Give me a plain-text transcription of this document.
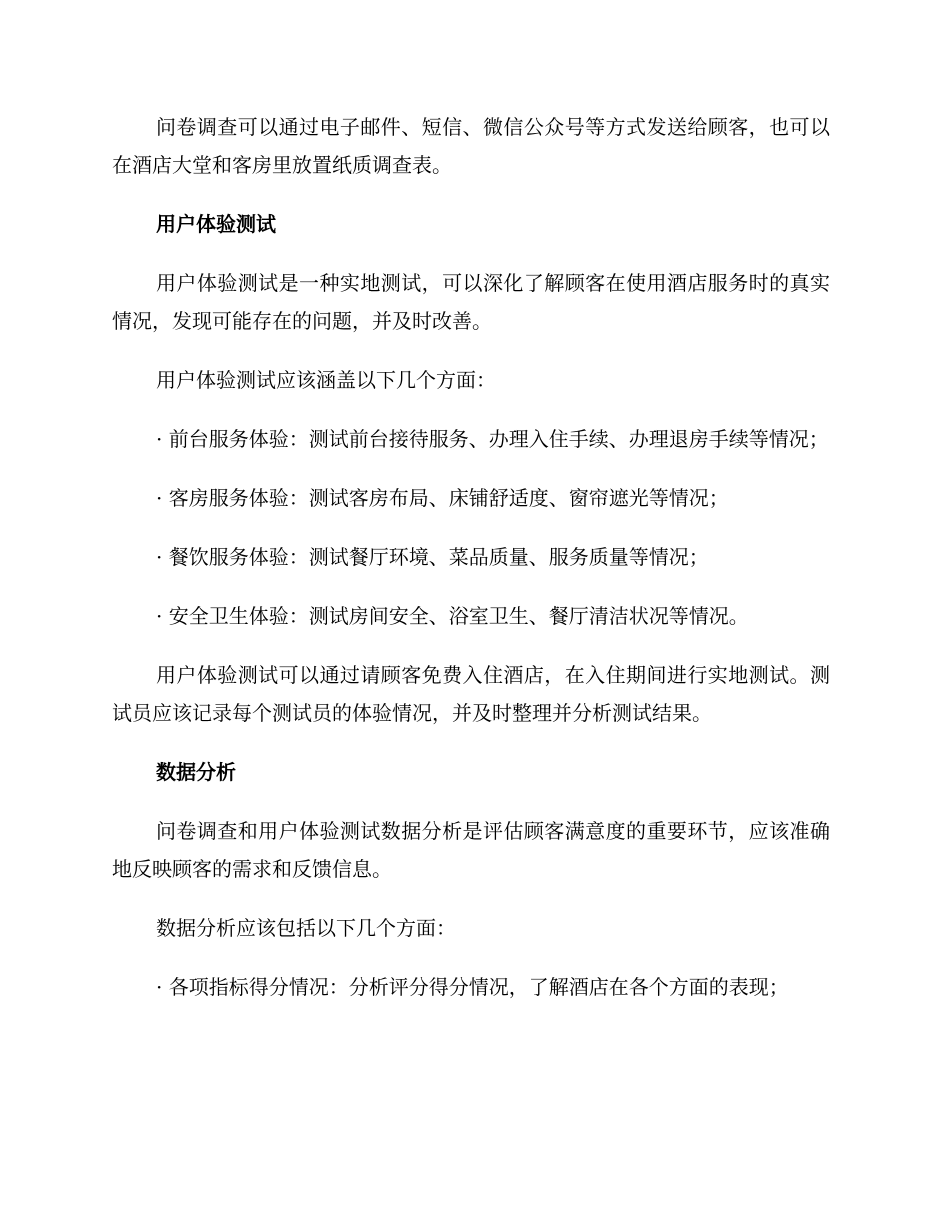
问卷调查可以通过电子邮件、短信、微信公众号等方式发送给顾客，也可以在酒店大堂和客房里放置纸质调查表。

用户体验测试

用户体验测试是一种实地测试，可以深化了解顾客在使用酒店服务时的真实情况，发现可能存在的问题，并及时改善。

用户体验测试应该涵盖以下几个方面：

· 前台服务体验：测试前台接待服务、办理入住手续、办理退房手续等情况；

· 客房服务体验：测试客房布局、床铺舒适度、窗帘遮光等情况；

· 餐饮服务体验：测试餐厅环境、菜品质量、服务质量等情况；

· 安全卫生体验：测试房间安全、浴室卫生、餐厅清洁状况等情况。

用户体验测试可以通过请顾客免费入住酒店，在入住期间进行实地测试。测试员应该记录每个测试员的体验情况，并及时整理并分析测试结果。

数据分析

问卷调查和用户体验测试数据分析是评估顾客满意度的重要环节，应该准确地反映顾客的需求和反馈信息。

数据分析应该包括以下几个方面：

· 各项指标得分情况：分析评分得分情况，了解酒店在各个方面的表现；
